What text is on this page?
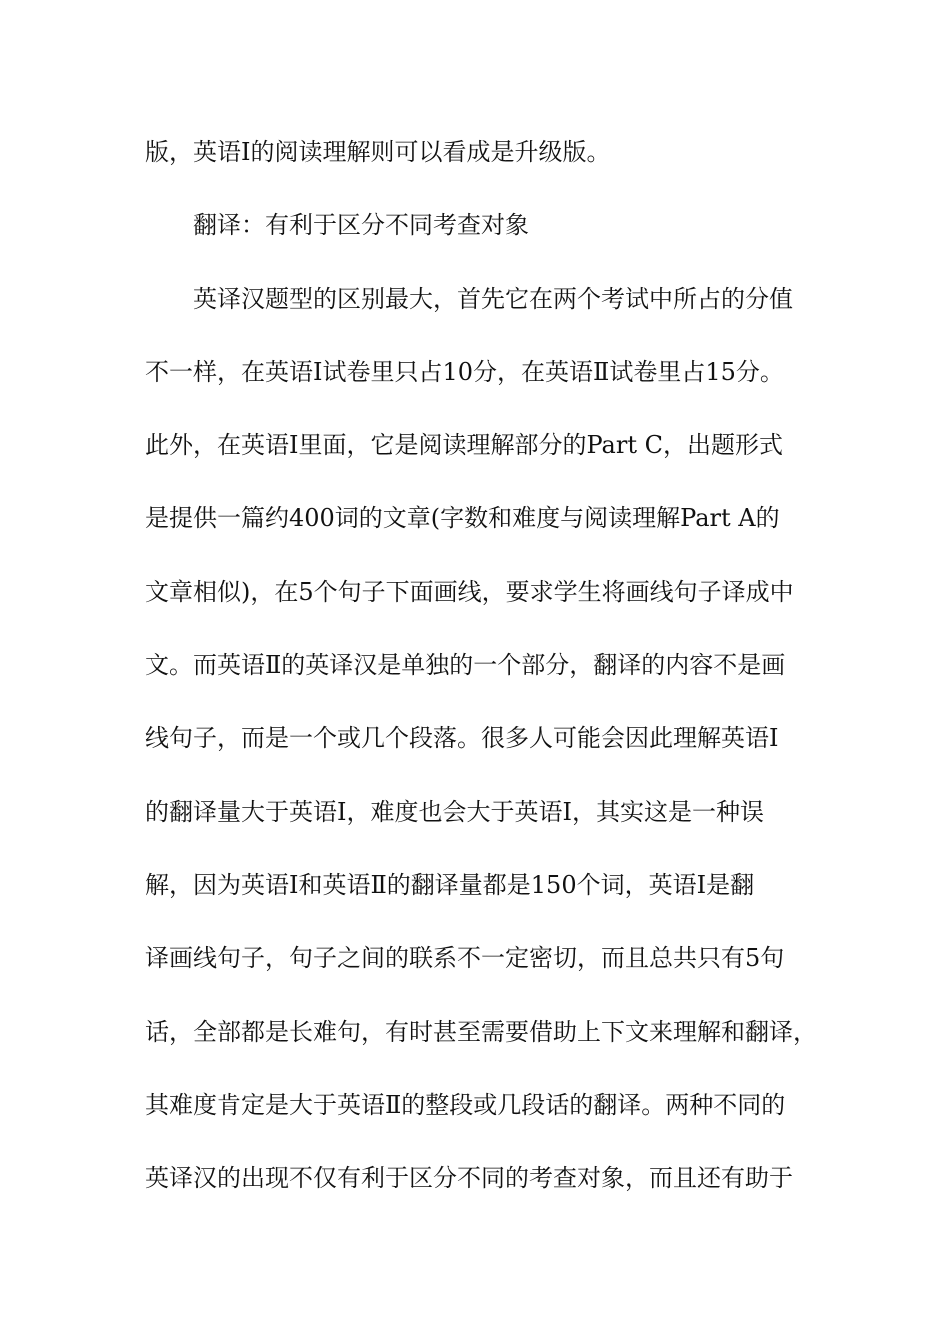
版，英语Ⅰ的阅读理解则可以看成是升级版。
翻译：有利于区分不同考查对象
英译汉题型的区别最大，首先它在两个考试中所占的分值
不一样，在英语Ⅰ试卷里只占10分，在英语Ⅱ试卷里占15分。
此外，在英语Ⅰ里面，它是阅读理解部分的Part C，出题形式
是提供一篇约400词的文章(字数和难度与阅读理解Part A的
文章相似)，在5个句子下面画线，要求学生将画线句子译成中
文。而英语Ⅱ的英译汉是单独的一个部分，翻译的内容不是画
线句子，而是一个或几个段落。很多人可能会因此理解英语Ⅰ
的翻译量大于英语Ⅰ，难度也会大于英语Ⅰ，其实这是一种误
解，因为英语Ⅰ和英语Ⅱ的翻译量都是150个词，英语Ⅰ是翻
译画线句子，句子之间的联系不一定密切，而且总共只有5句
话，全部都是长难句，有时甚至需要借助上下文来理解和翻译，
其难度肯定是大于英语Ⅱ的整段或几段话的翻译。两种不同的
英译汉的出现不仅有利于区分不同的考查对象，而且还有助于
